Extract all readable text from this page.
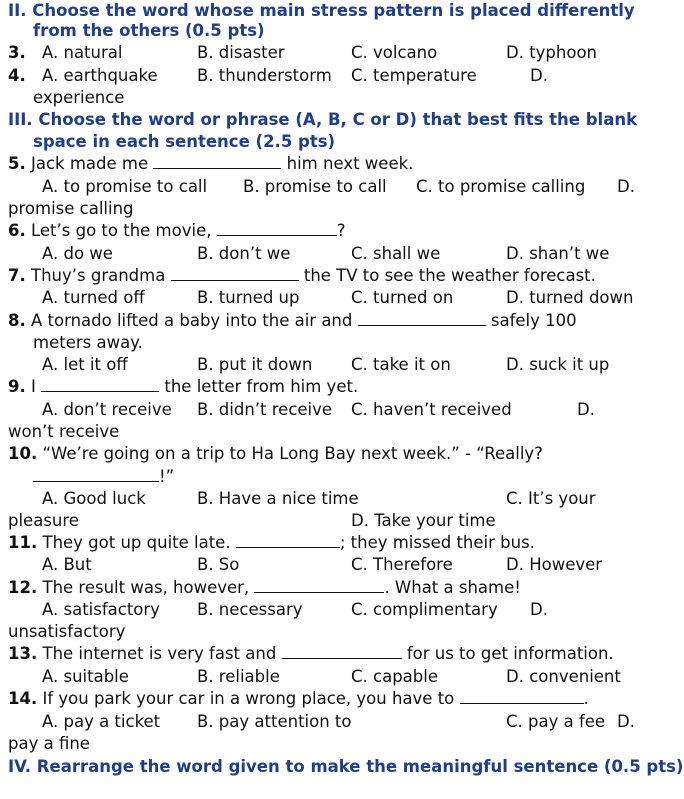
II. Choose the word whose main stress pattern is placed differently
from the others (0.5 pts)
3. A. natural	B. disaster	C. volcano	D. typhoon
4. A. earthquake B. thunderstorm C. temperature	D.
experience
III. Choose the word or phrase (A, B, C or D) that best fits the blank
space in each sentence (2.5 pts)
5. Jack made me	him next week.
A. to promise to call B. promise to call C. to promise calling D.
promise calling
6. Let’s go to the movie,	?
A. do we	B. don’t we	C. shall we	D. shan’t we
7. Thuy’s grandma	the TV to see the weather forecast.
A. turned off	B. turned up	C. turned on	D. turned down
8. A tornado lifted a baby into the air and	safely 100
meters away.
A. let it off	B. put it down C. take it on	D. suck it up
9. I	the letter from him yet.
A. don’t receive B. didn’t receive C. haven’t received	D.
won’t receive
10. “We’re going on a trip to Ha Long Bay next week.” - “Really?
!”
A. Good luck	B. Have a nice time	C. It’s your
pleasure	D. Take your time
11. They got up quite late.	; they missed their bus.
A. But	B. So	C. Therefore	D. However
12. The result was, however,	. What a shame!
A. satisfactory B. necessary	C. complimentary D.
unsatisfactory
13. The internet is very fast and	for us to get information.
A. suitable	B. reliable	C. capable	D. convenient
14. If you park your car in a wrong place, you have to	.
A. pay a ticket B. pay attention to	C. pay a fee D.
pay a fine
IV. Rearrange the word given to make the meaningful sentence (0.5 pts)
